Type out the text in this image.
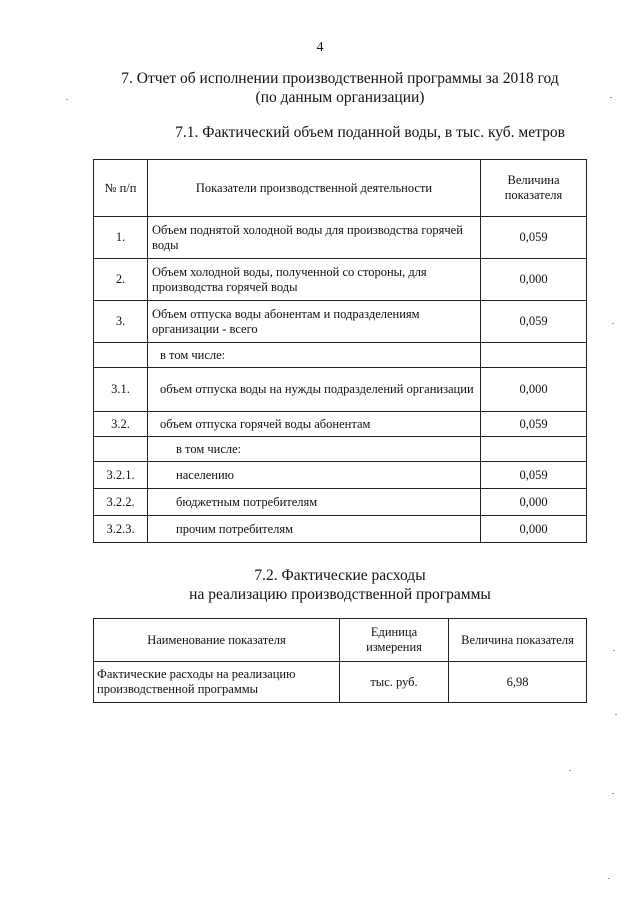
4
7. Отчет об исполнении производственной программы за 2018 год
(по данным организации)
7.1. Фактический объем поданной воды, в тыс. куб. метров
№ п/п	Показатели производственной деятельности	Величина показателя
1.	Объем поднятой холодной воды для производства горячей воды	0,059
2.	Объем холодной воды, полученной со стороны, для производства горячей воды	0,000
3.	Объем отпуска воды абонентам и подразделениям организации - всего	0,059
	в том числе:	
3.1.	объем отпуска воды на нужды подразделений организации	0,000
3.2.	объем отпуска горячей воды абонентам	0,059
	в том числе:	
3.2.1.	населению	0,059
3.2.2.	бюджетным потребителям	0,000
3.2.3.	прочим потребителям	0,000
7.2. Фактические расходы
на реализацию производственной программы
Наименование показателя	Единица измерения	Величина показателя
Фактические расходы на реализацию производственной программы	тыс. руб.	6,98
